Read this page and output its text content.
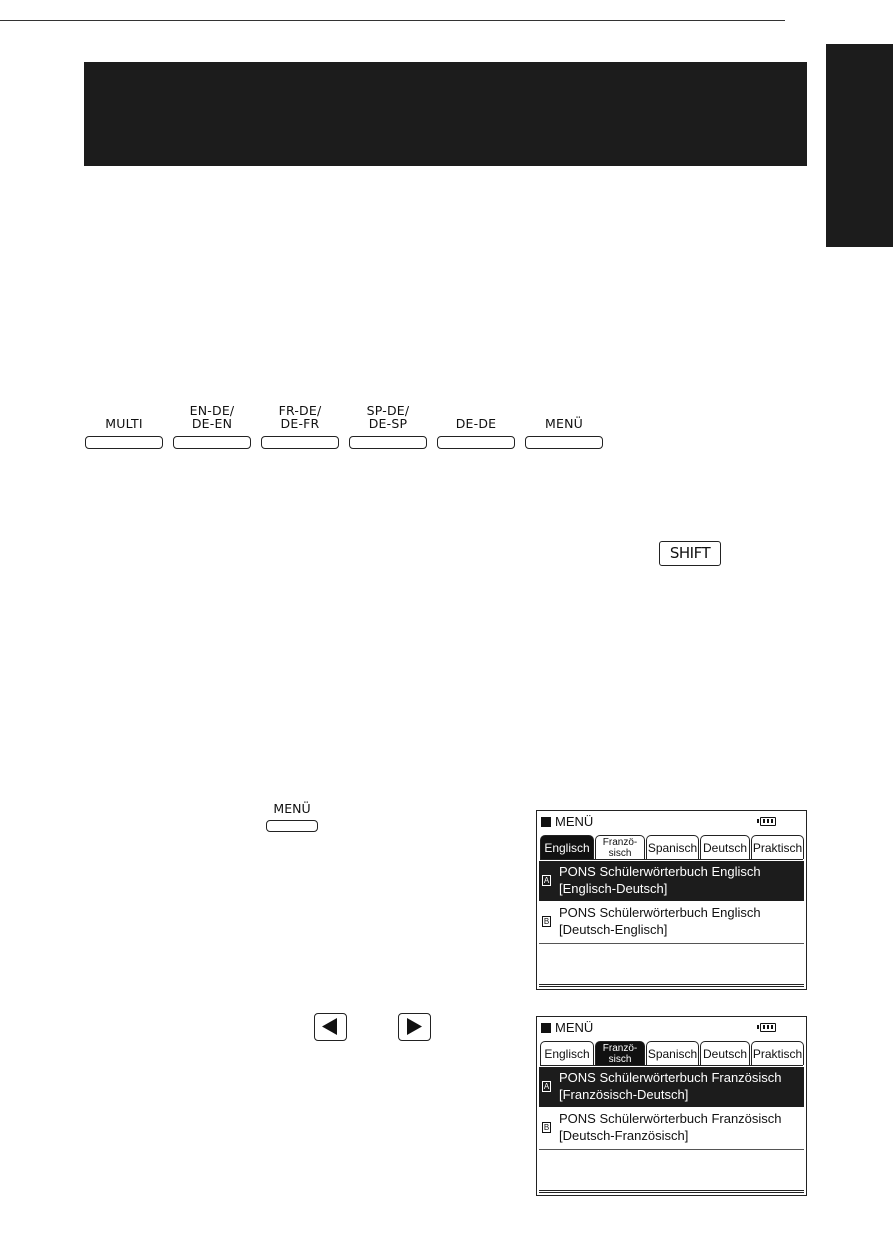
MULTI
EN-DE/
DE-EN
FR-DE/
DE-FR
SP-DE/
DE-SP	DE-DE	MENÜ
SHIFT
MENÜ
MENÜ
Englisch	Franzö-
sisch	Spanisch Deutsch Praktisch
A
PONS Schülerwörterbuch Englisch
[Englisch-Deutsch]
B
PONS Schülerwörterbuch Englisch
[Deutsch-Englisch]
MENÜ
Englisch	Franzö-
sisch	Spanisch Deutsch Praktisch
A
PONS Schülerwörterbuch Französisch
[Französisch-Deutsch]
B
PONS Schülerwörterbuch Französisch
[Deutsch-Französisch]
